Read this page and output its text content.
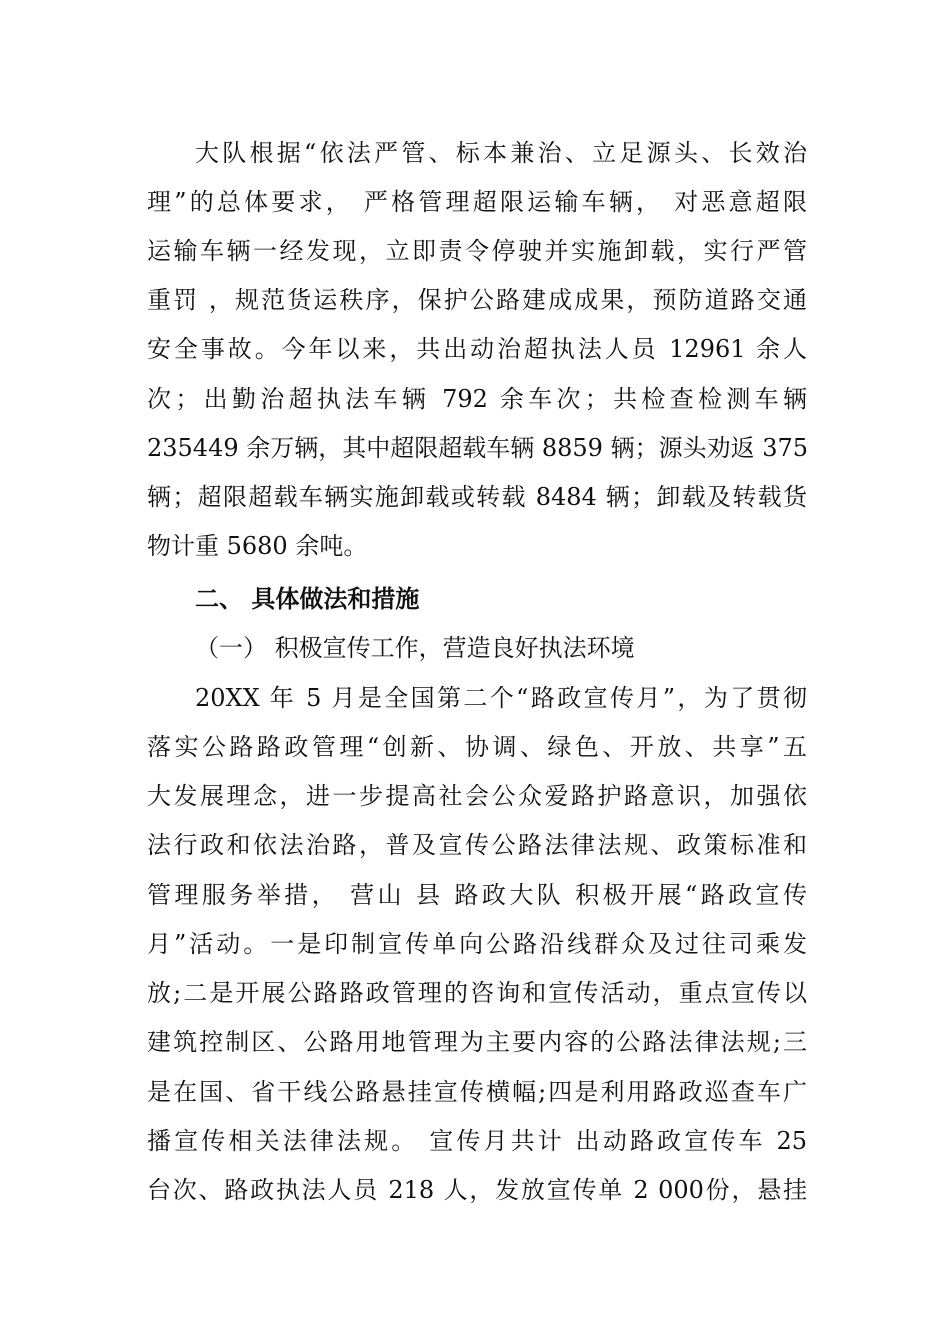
大队根据“依法严管、标本兼治、立足源头、长效治
理”的总体要求， 严格管理超限运输车辆， 对恶意超限
运输车辆一经发现，立即责令停驶并实施卸载，实行严管
重罚 ，规范货运秩序，保护公路建成成果，预防道路交通
安全事故。今年以来，共出动治超执法人员 12961 余人
次；出勤治超执法车辆 792 余车次；共检查检测车辆
235449 余万辆，其中超限超载车辆 8859 辆；源头劝返 375
辆；超限超载车辆实施卸载或转载 8484 辆；卸载及转载货
物计重 5680 余吨。
二、 具体做法和措施
（一） 积极宣传工作，营造良好执法环境
20XX 年 5 月是全国第二个“路政宣传月”，为了贯彻
落实公路路政管理“创新、协调、绿色、开放、共享”五
大发展理念，进一步提高社会公众爱路护路意识，加强依
法行政和依法治路，普及宣传公路法律法规、政策标准和
管理服务举措， 营山 县 路政大队 积极开展“路政宣传
月”活动。一是印制宣传单向公路沿线群众及过往司乘发
放;二是开展公路路政管理的咨询和宣传活动，重点宣传以
建筑控制区、公路用地管理为主要内容的公路法律法规;三
是在国、省干线公路悬挂宣传横幅;四是利用路政巡查车广
播宣传相关法律法规。 宣传月共计 出动路政宣传车 25
台次、路政执法人员 218 人，发放宣传单 2 000份，悬挂
